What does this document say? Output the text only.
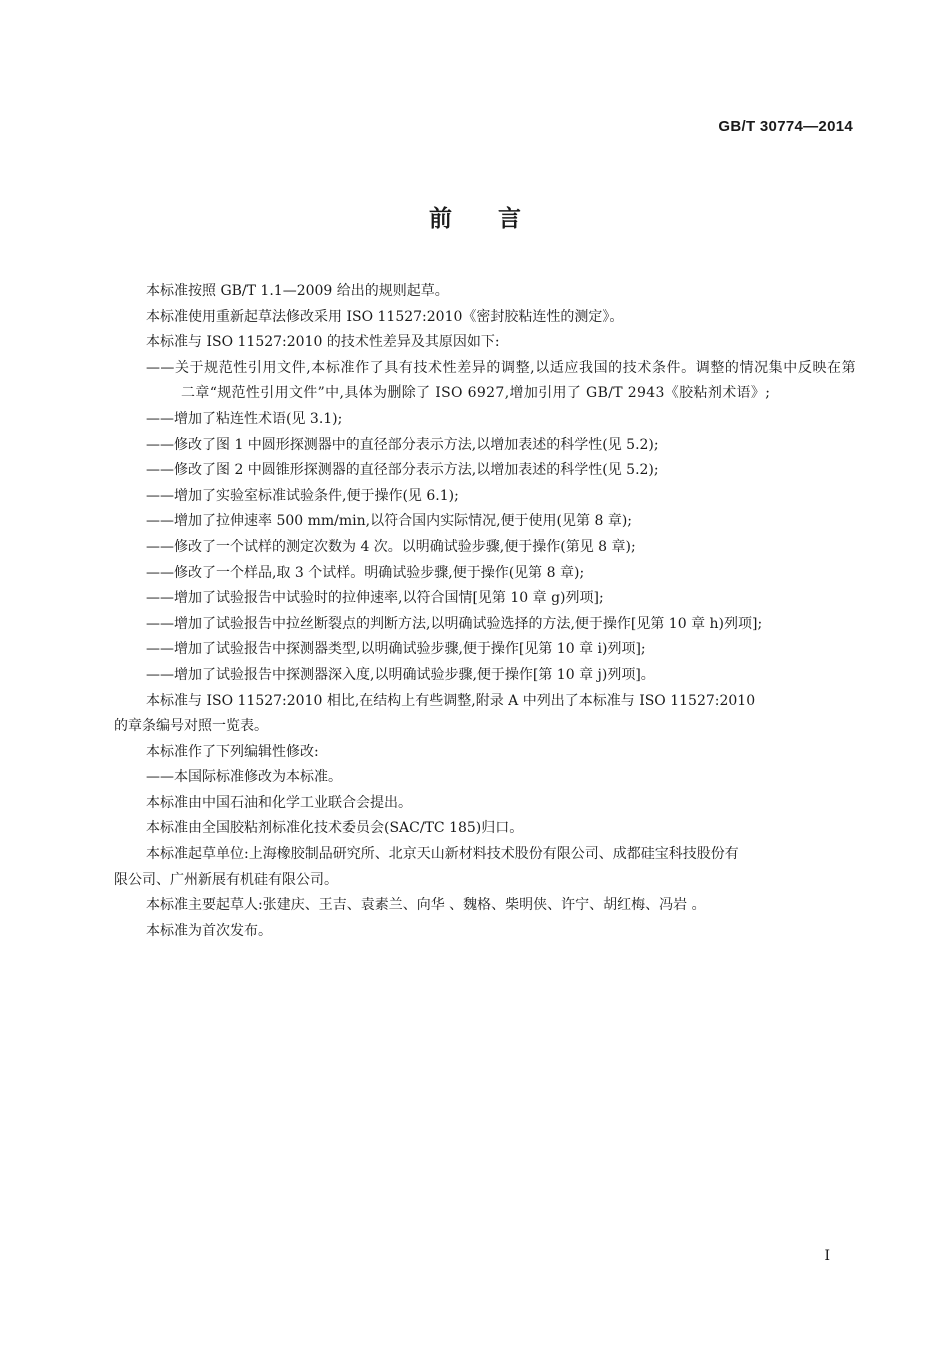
GB/T 30774—2014
前言

本标准按照 GB/T 1.1—2009 给出的规则起草。

本标准使用重新起草法修改采用 ISO 11527:2010《密封胶粘连性的测定》。

本标准与 ISO 11527:2010 的技术性差异及其原因如下:

——关于规范性引用文件,本标准作了具有技术性差异的调整,以适应我国的技术条件。调整的情况集中反映在第二章“规范性引用文件”中,具体为删除了 ISO 6927,增加引用了 GB/T 2943《胶粘剂术语》;

——增加了粘连性术语(见 3.1);

——修改了图 1 中圆形探测器中的直径部分表示方法,以增加表述的科学性(见 5.2);

——修改了图 2 中圆锥形探测器的直径部分表示方法,以增加表述的科学性(见 5.2);

——增加了实验室标准试验条件,便于操作(见 6.1);

——增加了拉伸速率 500 mm/min,以符合国内实际情况,便于使用(见第 8 章);

——修改了一个试样的测定次数为 4 次。以明确试验步骤,便于操作(第见 8 章);

——修改了一个样品,取 3 个试样。明确试验步骤,便于操作(见第 8 章);

——增加了试验报告中试验时的拉伸速率,以符合国情[见第 10 章 g)列项];

——增加了试验报告中拉丝断裂点的判断方法,以明确试验选择的方法,便于操作[见第 10 章 h)列项];

——增加了试验报告中探测器类型,以明确试验步骤,便于操作[见第 10 章 i)列项];

——增加了试验报告中探测器深入度,以明确试验步骤,便于操作[第 10 章 j)列项]。

本标准与 ISO 11527:2010 相比,在结构上有些调整,附录 A 中列出了本标准与 ISO 11527:2010

的章条编号对照一览表。

本标准作了下列编辑性修改:

——本国际标准修改为本标准。

本标准由中国石油和化学工业联合会提出。

本标准由全国胶粘剂标准化技术委员会(SAC/TC 185)归口。

本标准起草单位:上海橡胶制品研究所、北京天山新材料技术股份有限公司、成都硅宝科技股份有

限公司、广州新展有机硅有限公司。

本标准主要起草人:张建庆、王吉、袁素兰、向华 、魏格、柴明侠、许宁、胡红梅、冯岩 。

本标准为首次发布。

I
